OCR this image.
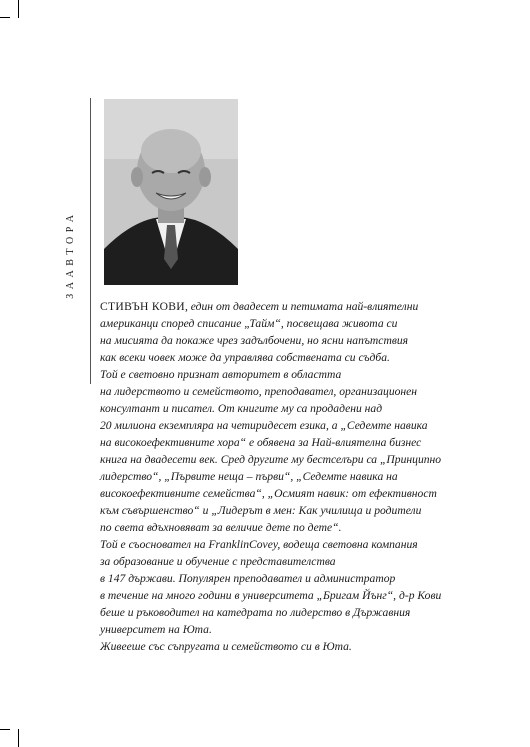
З А А В Т О Р А

СТИВЪН КОВИ, един от двадесет и петимата най-влиятелни

американци според списание „Тайм“, посвещава живота си

на мисията да покаже чрез задълбочени, но ясни напътствия

как всеки човек може да управлява собствената си съдба.

Той е световно признат авторитет в областта

на лидерството и семейството, преподавател, организационен

консултант и писател. От книгите му са продадени над

20 милиона екземпляра на четиридесет езика, а „Седемте навика

на високоефективните хора“ е обявена за Най-влиятелна бизнес

книга на двадесети век. Сред другите му бестселъри са „Принципно

лидерство“, „Първите неща – първи“, „Седемте навика на

високоефективните семейства“, „Осмият навик: от ефективност

към съвършенство“ и „Лидерът в мен: Как училища и родители

по света вдъхновяват за величие дете по дете“.

Той е съосновател на FranklinCovey, водеща световна компания

за образование и обучение с представителства

в 147 държави. Популярен преподавател и администратор

в течение на много години в университета „Бригам Йънг“, д-р Кови

беше и ръководител на катедрата по лидерство в Държавния

университет на Юта.

Живееше със съпругата и семейството си в Юта.
